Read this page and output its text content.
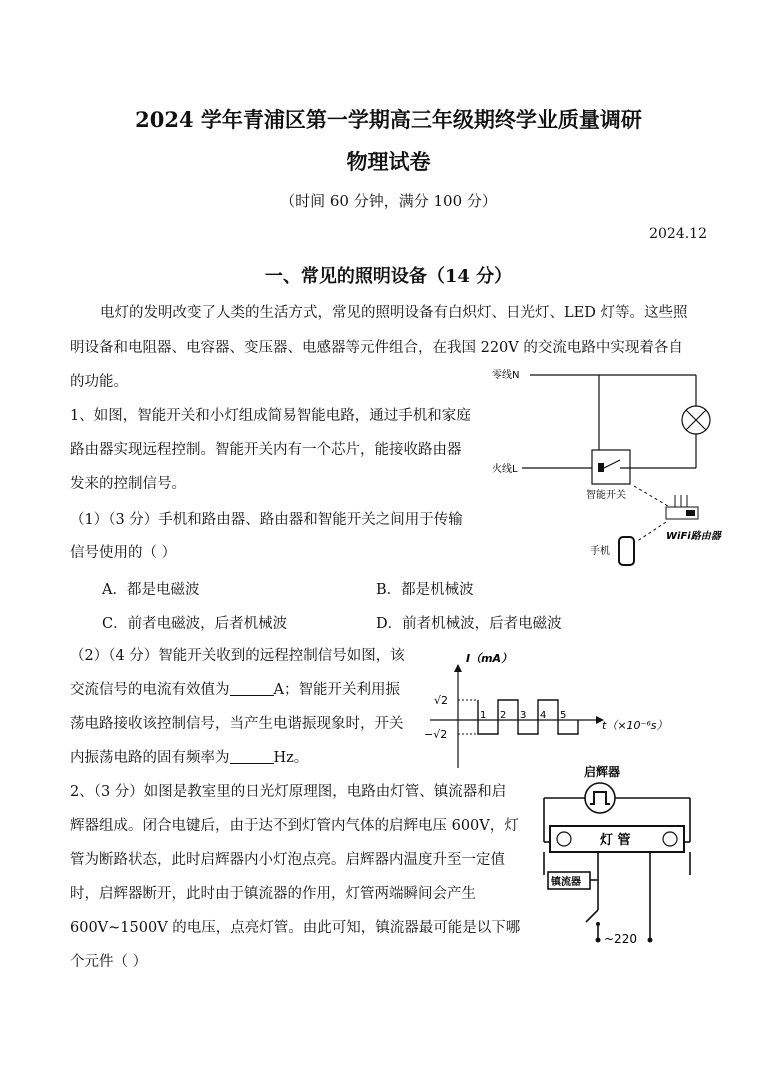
2024 学年青浦区第一学期高三年级期终学业质量调研
物理试卷
（时间 60 分钟，满分 100 分）
2024.12
一、常见的照明设备（14 分）
电灯的发明改变了人类的生活方式，常见的照明设备有白炽灯、日光灯、LED 灯等。这些照
明设备和电阻器、电容器、变压器、电感器等元件组合，在我国 220V 的交流电路中实现着各自
的功能。
1、如图，智能开关和小灯组成简易智能电路，通过手机和家庭
路由器实现远程控制。智能开关内有一个芯片，能接收路由器
发来的控制信号。
（1）（3 分）手机和路由器、路由器和智能开关之间用于传输
信号使用的（ ）
A．都是电磁波	B．都是机械波
C．前者电磁波，后者机械波	D．前者机械波，后者电磁波
（2）（4 分）智能开关收到的远程控制信号如图，该
交流信号的电流有效值为	A；智能开关利用振
荡电路接收该控制信号，当产生电谐振现象时，开关
内振荡电路的固有频率为	Hz。
2、（3 分）如图是教室里的日光灯原理图，电路由灯管、镇流器和启
辉器组成。闭合电键后，由于达不到灯管内气体的启辉电压 600V，灯
管为断路状态，此时启辉器内小灯泡点亮。启辉器内温度升至一定值
时，启辉器断开，此时由于镇流器的作用，灯管两端瞬间会产生
600V~1500V 的电压，点亮灯管。由此可知，镇流器最可能是以下哪
个元件（ ）
零线N
火线L
智能开关
WiFi路由器
手机
I（mA）
t（×10⁻⁶s）
√2
−√2
1 2 3 4 5
启辉器
灯 管
镇流器
~220
